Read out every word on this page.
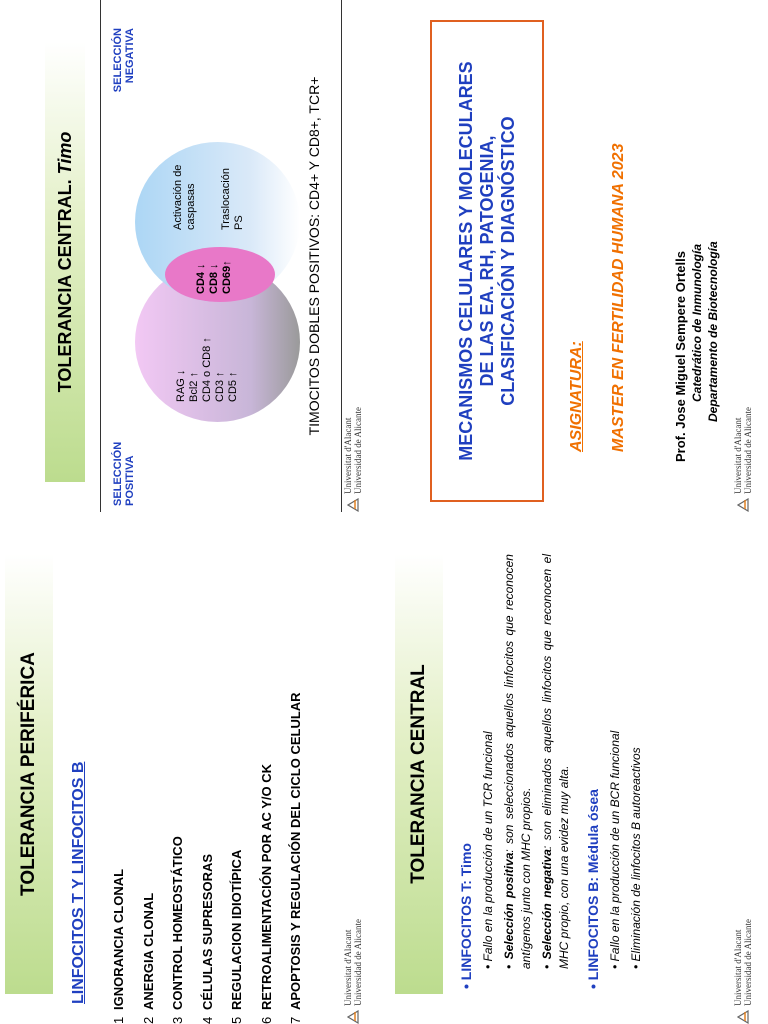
MECANISMOS CELULARES Y MOLECULARES DE LAS EA. RH, PATOGENIA, CLASIFICACIÓN Y DIAGNÓSTICO	ASIGNATURA: MASTER EN FERTILIDAD HUMANA 2023	Prof. Jose Miguel Sempere Ortells Catedrático de Inmunología Departamento de Biotecnología
Universitat d'Alacant Universidad de Alicante
TOLERANCIA CENTRAL
• LINFOCITOS T: Timo • Fallo en la producción de un TCR funcional
• Selección positiva: son seleccionados aquellos linfocitos que reconocen antígenos junto con MHC propios. • Selección negativa: son eliminados aquellos linfocitos que reconocen el MHC propio, con una evidez muy alta.
• LINFOCITOS B: Médula ósea • Fallo en la producción de un BCR funcional
• Eliminación de linfocitos B autoreactivos
Universitat d'Alacant Universidad de Alicante
TOLERANCIA CENTRAL. Timo
SELECCIÓN POSITIVA
SELECCIÓN NEGATIVA
RAG ↓ Bcl2 ↑ CD4 o CD8 ↑ CD3 ↑ CD5 ↑
CD4 ↓ CD8 ↓ CD69↑
Activación de caspasas Traslocación PS	TIMOCITOS DOBLES POSITIVOS: CD4+ Y CD8+, TCR+
Universitat d'Alacant Universidad de Alicante
TOLERANCIA PERIFÉRICA	LINFOCITOS T Y LINFOCITOS B
1IGNORANCIA CLONAL
2ANERGIA CLONAL
3CONTROL HOMEOSTÁTICO
4CÉLULAS SUPRESORAS
5REGULACION IDIOTÍPICA
6RETROALIMENTACIÓN POR AC Y/O CK
7APOPTOSIS Y REGULACIÓN DEL CICLO CELULAR	Universitat d'Alacant Universidad de Alicante
